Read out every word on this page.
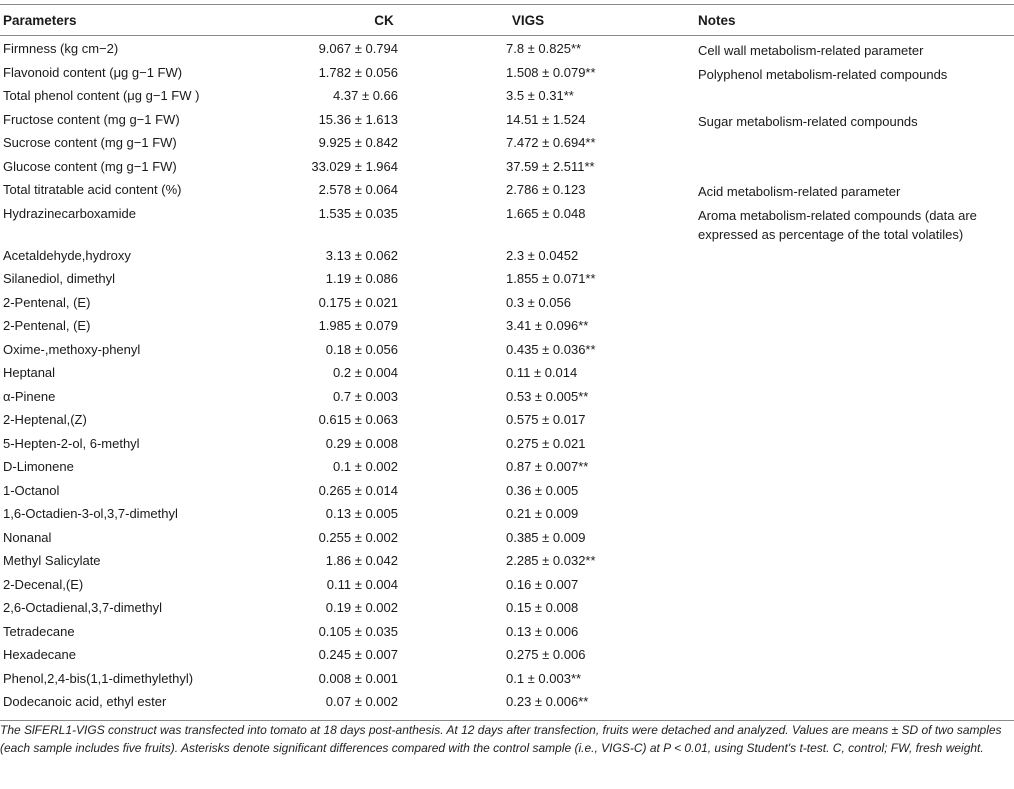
Parameters	CK	VIGS	Notes
Firmness (kg cm−2)	9.067 ± 0.794	7.8 ± 0.825**	Cell wall metabolism-related parameter
Flavonoid content (μg g−1 FW)	1.782 ± 0.056	1.508 ± 0.079**	Polyphenol metabolism-related compounds
Total phenol content (μg g−1 FW )	4.37 ± 0.66	3.5 ± 0.31**	
Fructose content (mg g−1 FW)	15.36 ± 1.613	14.51 ± 1.524	Sugar metabolism-related compounds
Sucrose content (mg g−1 FW)	9.925 ± 0.842	7.472 ± 0.694**	
Glucose content (mg g−1 FW)	33.029 ± 1.964	37.59 ± 2.511**	
Total titratable acid content (%)	2.578 ± 0.064	2.786 ± 0.123	Acid metabolism-related parameter
Hydrazinecarboxamide	1.535 ± 0.035	1.665 ± 0.048	Aroma metabolism-related compounds (data are expressed as percentage of the total volatiles)
Acetaldehyde,hydroxy	3.13 ± 0.062	2.3 ± 0.0452	
Silanediol, dimethyl	1.19 ± 0.086	1.855 ± 0.071**	
2-Pentenal, (E)	0.175 ± 0.021	0.3 ± 0.056	
2-Pentenal, (E)	1.985 ± 0.079	3.41 ± 0.096**	
Oxime-,methoxy-phenyl	0.18 ± 0.056	0.435 ± 0.036**	
Heptanal	0.2 ± 0.004	0.11 ± 0.014	
α-Pinene	0.7 ± 0.003	0.53 ± 0.005**	
2-Heptenal,(Z)	0.615 ± 0.063	0.575 ± 0.017	
5-Hepten-2-ol, 6-methyl	0.29 ± 0.008	0.275 ± 0.021	
D-Limonene	0.1 ± 0.002	0.87 ± 0.007**	
1-Octanol	0.265 ± 0.014	0.36 ± 0.005	
1,6-Octadien-3-ol,3,7-dimethyl	0.13 ± 0.005	0.21 ± 0.009	
Nonanal	0.255 ± 0.002	0.385 ± 0.009	
Methyl Salicylate	1.86 ± 0.042	2.285 ± 0.032**	
2-Decenal,(E)	0.11 ± 0.004	0.16 ± 0.007	
2,6-Octadienal,3,7-dimethyl	0.19 ± 0.002	0.15 ± 0.008	
Tetradecane	0.105 ± 0.035	0.13 ± 0.006	
Hexadecane	0.245 ± 0.007	0.275 ± 0.006	
Phenol,2,4-bis(1,1-dimethylethyl)	0.008 ± 0.001	0.1 ± 0.003**	
Dodecanoic acid, ethyl ester	0.07 ± 0.002	0.23 ± 0.006**	
The SlFERL1-VIGS construct was transfected into tomato at 18 days post-anthesis. At 12 days after transfection, fruits were detached and analyzed. Values are means ± SD of two samples (each sample includes five fruits). Asterisks denote significant differences compared with the control sample (i.e., VIGS-C) at P < 0.01, using Student's t-test. C, control; FW, fresh weight.
